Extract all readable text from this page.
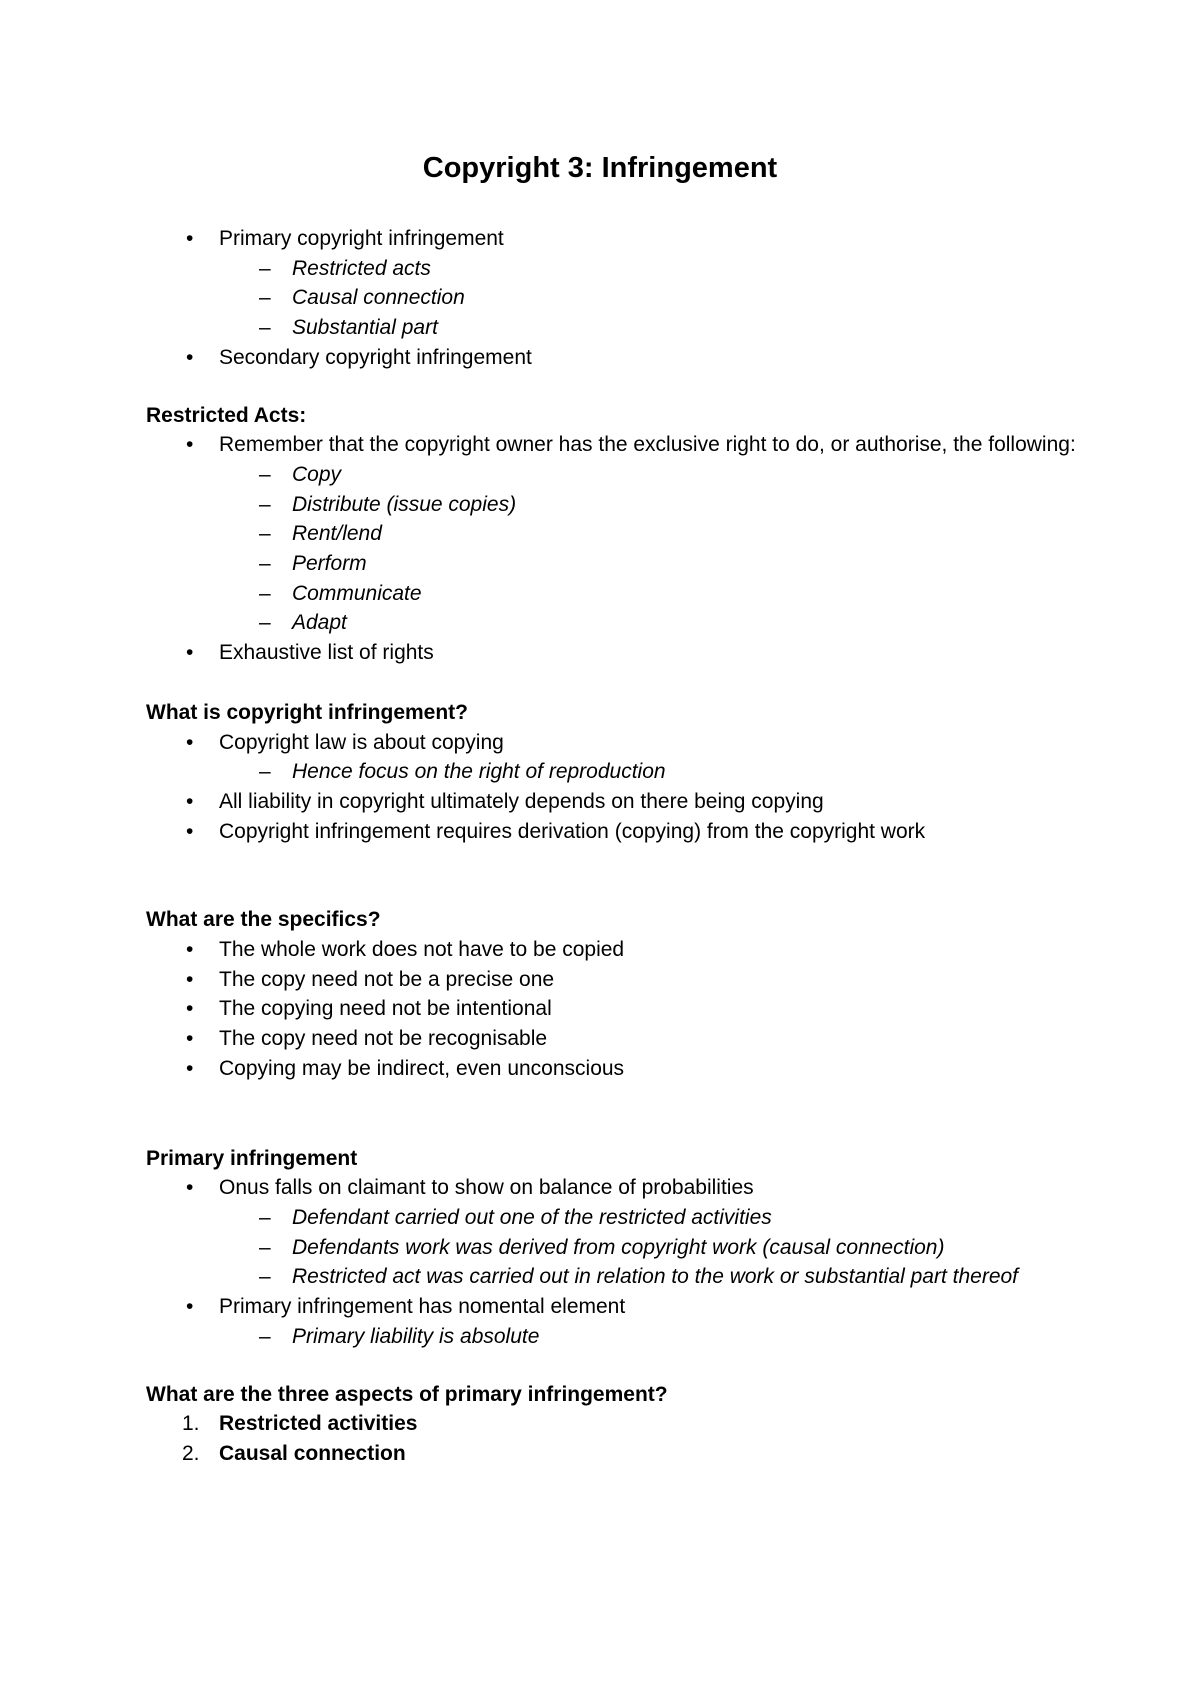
Copyright 3: Infringement
• Primary copyright infringement
– Restricted acts
– Causal connection
– Substantial part
• Secondary copyright infringement

Restricted Acts:

• Remember that the copyright owner has the exclusive right to do, or authorise, the following:
– Copy
– Distribute (issue copies)
– Rent/lend
– Perform
– Communicate
– Adapt
• Exhaustive list of rights

What is copyright infringement?

• Copyright law is about copying
– Hence focus on the right of reproduction
• All liability in copyright ultimately depends on there being copying
• Copyright infringement requires derivation (copying) from the copyright work

What are the specifics?

• The whole work does not have to be copied
• The copy need not be a precise one
• The copying need not be intentional
• The copy need not be recognisable
• Copying may be indirect, even unconscious

Primary infringement

• Onus falls on claimant to show on balance of probabilities
– Defendant carried out one of the restricted activities
– Defendants work was derived from copyright work (causal connection)
– Restricted act was carried out in relation to the work or substantial part thereof
• Primary infringement has nomental element
– Primary liability is absolute

What are the three aspects of primary infringement?

1. Restricted activities
2. Causal connection
